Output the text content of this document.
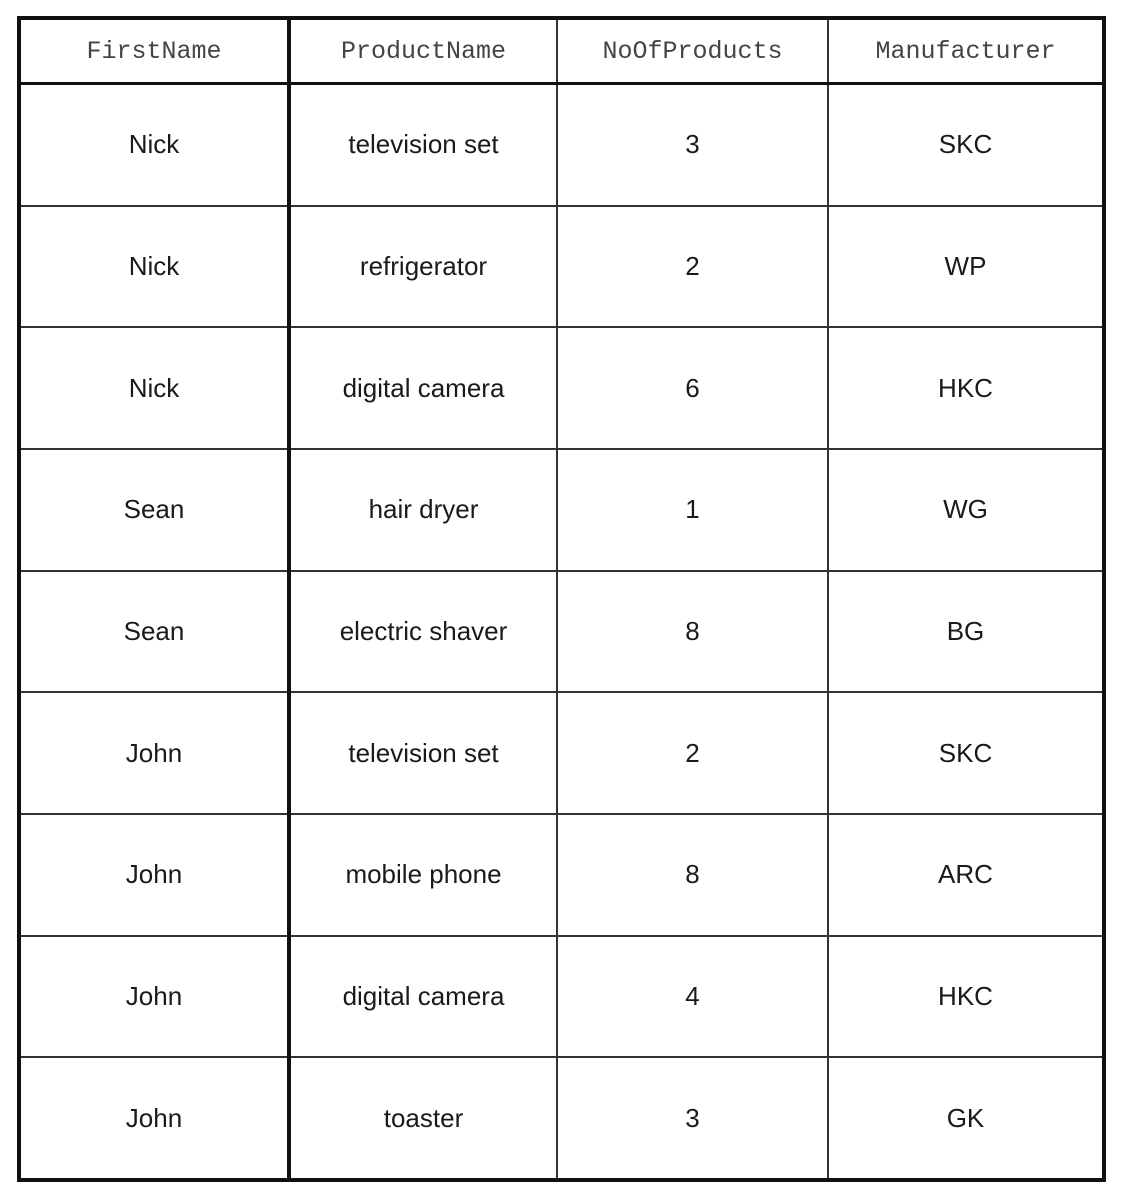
FirstName	ProductName	NoOfProducts	Manufacturer
Nick	television set	3	SKC
Nick	refrigerator	2	WP
Nick	digital camera	6	HKC
Sean	hair dryer	1	WG
Sean	electric shaver	8	BG
John	television set	2	SKC
John	mobile phone	8	ARC
John	digital camera	4	HKC
John	toaster	3	GK
